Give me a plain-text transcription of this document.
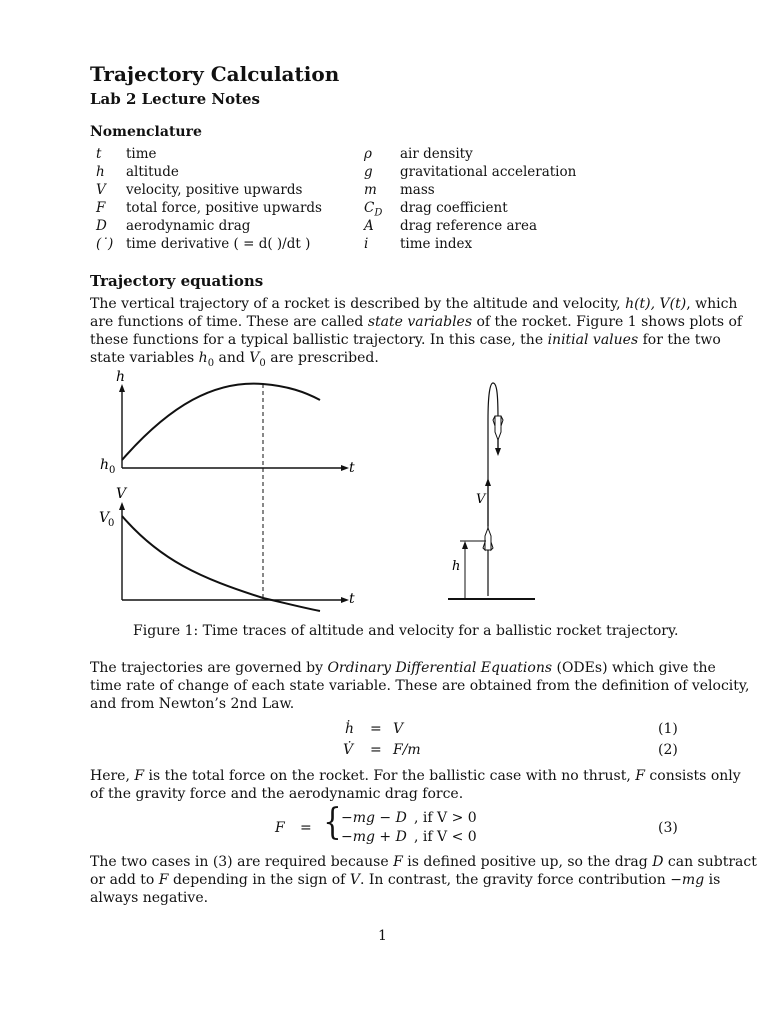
Trajectory Calculation
Lab 2 Lecture Notes
Nomenclature
t time	ρ air density
h altitude	g gravitational acceleration
V velocity, positive upwards	m mass
F total force, positive upwards	$C_D$ drag coefficient
D aerodynamic drag	A drag reference area
(˙) time derivative ( = d( )/dt )	i time index
Trajectory equations
The vertical trajectory of a rocket is described by the altitude and velocity, h(t), V(t), which
are functions of time. These are called state variables of the rocket. Figure 1 shows plots of
these functions for a typical ballistic trajectory. In this case, the initial values for the two
state variables $h_0$ and $V_0$ are prescribed.
h
h 0	t
V
V
0
t
V
h
Figure 1: Time traces of altitude and velocity for a ballistic rocket trajectory.
The trajectories are governed by Ordinary Differential Equations (ODEs) which give the
time rate of change of each state variable. These are obtained from the definition of velocity,
and from Newton’s 2nd Law.
ḣ = V	(1)
V̇ = F/m	(2)
Here, F is the total force on the rocket. For the ballistic case with no thrust, F consists only
of the gravity force and the aerodynamic drag force.
F = { −mg − D , if V > 0
−mg + D , if V < 0
(3)
The two cases in (3) are required because F is defined positive up, so the drag D can subtract
or add to F depending in the sign of V. In contrast, the gravity force contribution −mg is
always negative.
1
